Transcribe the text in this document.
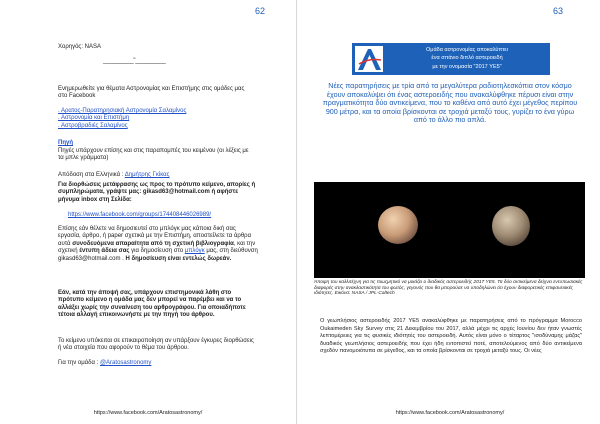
62
Χορηγός: NASA
__________"__________
Ενημερωθείτε για θέματα Αστρονομίας και Επιστήμης στις ομάδες μας στο Facebook
. Αρατος-Παρατηρησιακή Αστρονομία Σαλαμίνος
. Αστρονομία και Επιστήμη
. Αστροβραδιές Σαλαμίνος
Πηγή
Πηγές υπάρχουν επίσης και στις παραπομπές του κειμένου (οι λέξεις με τα μπλε γράμματα)
Απόδοση στα Ελληνικά : Δημήτρης Γκίκας
Για διορθώσεις μετάφρασης ως προς το πρότυπο κείμενο, απορίες ή συμπληρώματα, γράψτε μας: gikasd63@hotmail.com ή αφήστε μήνυμα inbox στη Σελίδα:
https://www.facebook.com/groups/174408446026989/
Επίσης εάν θέλετε να δημοσιευτεί στο μπλόγκ μας κάποια δική σας εργασία, άρθρο, ή paper σχετικά με την Επιστήμη, αποστείλετε τα άρθρα αυτά συνοδευόμενα απαραίτητα από τη σχετική βιβλιογραφία, και την σχετική έντυπη άδεια σας για δημοσίευση στο μπλόγκ μας, στη διεύθυνση gikasd63@hotmail.com . Η δημοσίευση είναι εντελώς δωρεάν.
Εάν, κατά την άποψή σας, υπάρχουν επιστημονικά λάθη στο πρότυπο κείμενο η ομάδα μας δεν μπορεί να παρέμβει και να το αλλάξει χωρίς την συναίνεση του αρθρογράφου. Για οποιαδήποτε τέτοια αλλαγή επικοινωνήστε με την πηγή του άρθρου.
Το κείμενο υπόκειται σε επικαιροποίηση αν υπάρξουν έγκυρες διορθώσεις ή νέα στοιχεία που αφορούν το θέμα του άρθρου.
Για την ομάδα : @Aratosastronomy
https://www.facebook.com/Aratosastronomy/
63
Ομάδα αστρονομίας αποκαλύπτει
ένα σπάνιο διπλό αστεροειδή
με την ονομασία "2017 YE5"
Νέες παρατηρήσεις με τρία από τα μεγαλύτερα ραδιοτηλεσκόπια στον κόσμο έχουν αποκαλύψει ότι ένας αστεροειδής που ανακαλύφθηκε πέρυσι είναι στην πραγματικότητα δύο αντικείμενα, που το καθένα από αυτό έχει μέγεθος περίπου 900 μέτρα, και τα οποία βρίσκονται σε τροχιά μεταξύ τους, γυρίζει το ένα γύρω από το άλλο πιο απλά.
Άποψη του καλλιτέχνη για τις πιωςμητικό να μοιάζει ο διαδικός αστεροειδής 2017 YE5. Τα δύο αντικείμενα δείχνει εντυπωσιακές διαφορές στην ανακλαστικότητα του φωτός, γεγονός που θα μπορούσε να υποδηλώνει ότι έχουν διαφορετικές επιφανειακές ιδιότητες. Εικόνα: NASA / JPL-Caltech
Ο γεωπλήσιος αστεροειδής 2017 YE5 ανακαλύφθηκε με παρατηρήσεις από το πρόγραμμα Morocco Oukaimeden Sky Survey στις 21 Δεκεμβρίου του 2017, αλλά μέχρι τις αρχές Ιουνίου δεν ήταν γνωστές λεπτομέρειες για τις φυσικές ιδιότητές του αστεροειδή. Αυτός είναι μόνο ο τέταρτος "ισοδύναμης μάζας" δυαδικός γεωπλήσιος αστεροειδής που έχει ήδη εντοπιστεί ποτέ, αποτελούμενος από δύο αντικείμενα σχεδόν πανομοιότυπα σε μέγεθος, και τα οποία βρίσκονται σε τροχιά μεταξύ τους. Οι νέες
https://www.facebook.com/Aratosastronomy/
